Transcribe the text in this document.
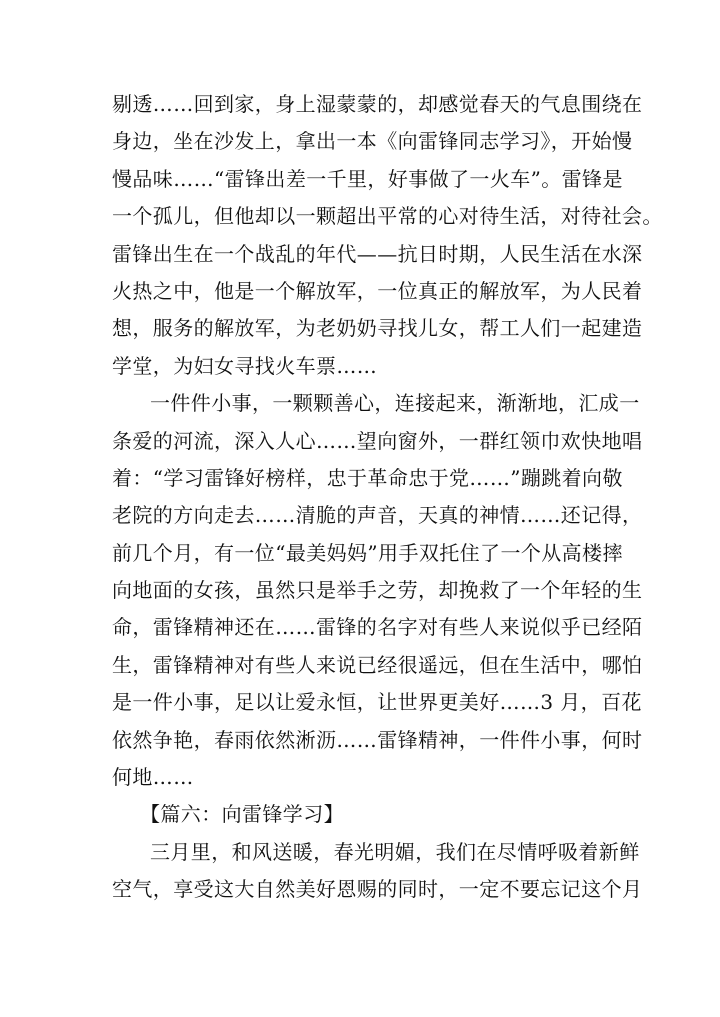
剔透……回到家，身上湿蒙蒙的，却感觉春天的气息围绕在
身边，坐在沙发上，拿出一本《向雷锋同志学习》，开始慢
慢品味……“雷锋出差一千里，好事做了一火车”。雷锋是
一个孤儿，但他却以一颗超出平常的心对待生活，对待社会。
雷锋出生在一个战乱的年代——抗日时期，人民生活在水深
火热之中，他是一个解放军，一位真正的解放军，为人民着
想，服务的解放军，为老奶奶寻找儿女，帮工人们一起建造
学堂，为妇女寻找火车票……
一件件小事，一颗颗善心，连接起来，渐渐地，汇成一
条爱的河流，深入人心……望向窗外，一群红领巾欢快地唱
着：“学习雷锋好榜样，忠于革命忠于党……”蹦跳着向敬
老院的方向走去……清脆的声音，天真的神情……还记得，
前几个月，有一位“最美妈妈”用手双托住了一个从高楼摔
向地面的女孩，虽然只是举手之劳，却挽救了一个年轻的生
命，雷锋精神还在……雷锋的名字对有些人来说似乎已经陌
生，雷锋精神对有些人来说已经很遥远，但在生活中，哪怕
是一件小事，足以让爱永恒，让世界更美好……3 月，百花
依然争艳，春雨依然淅沥……雷锋精神，一件件小事，何时
何地……
【篇六：向雷锋学习】
三月里，和风送暖，春光明媚，我们在尽情呼吸着新鲜
空气，享受这大自然美好恩赐的同时，一定不要忘记这个月
